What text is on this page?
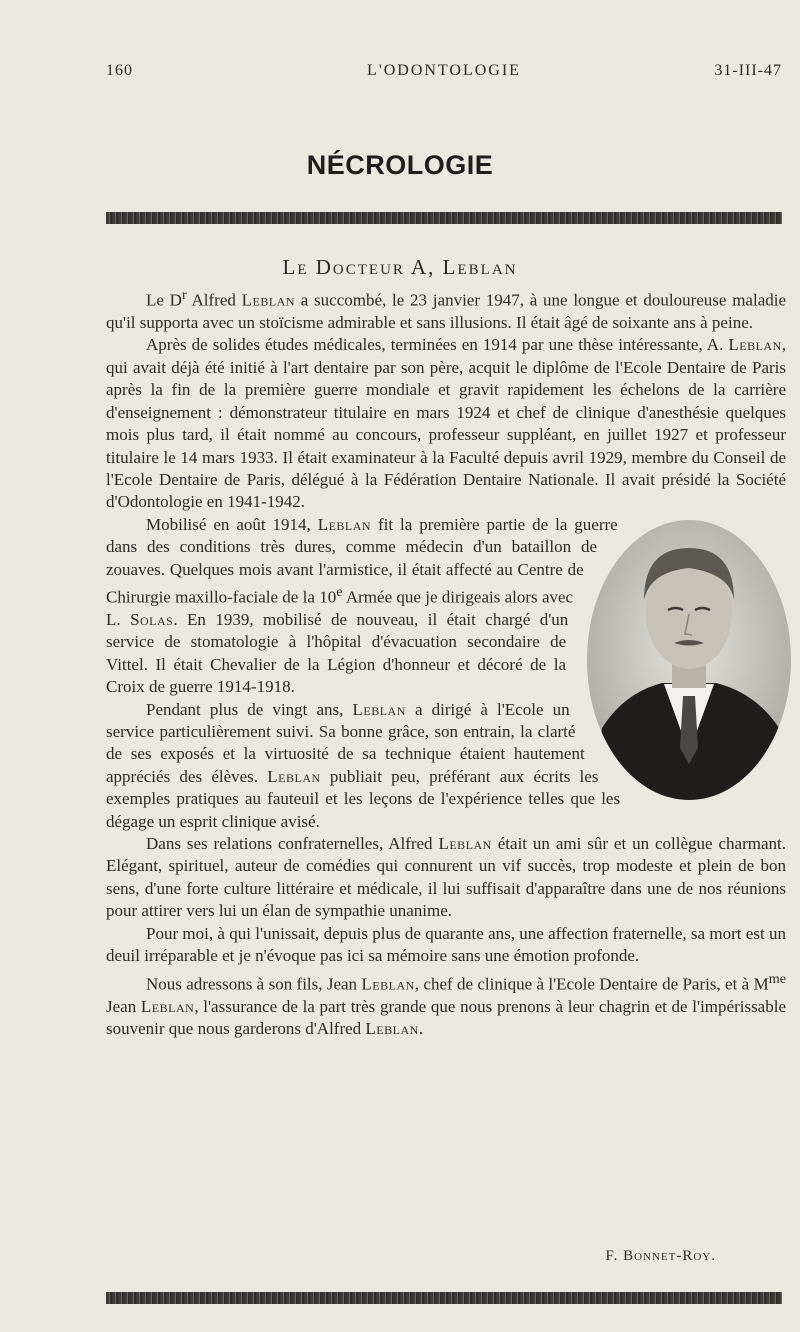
160	L'ODONTOLOGIE	31-III-47
NÉCROLOGIE
Le Docteur A, Leblan

Le $D^r$ Alfred Leblan a succombé, le 23 janvier 1947, à une longue et douloureuse maladie qu'il supporta avec un stoïcisme admirable et sans illusions. Il était âgé de soixante ans à peine.

Après de solides études médicales, terminées en 1914 par une thèse intéressante, A. Leblan, qui avait déjà été initié à l'art dentaire par son père, acquit le diplôme de l'Ecole Dentaire de Paris après la fin de la première guerre mondiale et gravit rapidement les échelons de la carrière d'enseignement : démonstrateur titulaire en mars 1924 et chef de clinique d'anesthésie quelques mois plus tard, il était nommé au concours, professeur suppléant, en juillet 1927 et professeur titulaire le 14 mars 1933. Il était examinateur à la Faculté depuis avril 1929, membre du Conseil de l'Ecole Dentaire de Paris, délégué à la Fédération Dentaire Nationale. Il avait présidé la Société d'Odontologie en 1941-1942.

Mobilisé en août 1914, Leblan fit la première partie de la guerre dans des conditions très dures, comme médecin d'un bataillon de zouaves. Quelques mois avant l'armistice, il était affecté au Centre de Chirurgie maxillo-faciale de la 10e Armée que je dirigeais alors avec L. Solas. En 1939, mobilisé de nouveau, il était chargé d'un service de stomatologie à l'hôpital d'évacuation secondaire de Vittel. Il était Chevalier de la Légion d'honneur et décoré de la Croix de guerre 1914-1918.

Pendant plus de vingt ans, Leblan a dirigé à l'Ecole un service particulièrement suivi. Sa bonne grâce, son entrain, la clarté de ses exposés et la virtuosité de sa technique étaient hautement appréciés des élèves. Leblan publiait peu, préférant aux écrits les exemples pratiques au fauteuil et les leçons de l'expérience telles que les dégage un esprit clinique avisé.

Dans ses relations confraternelles, Alfred Leblan était un ami sûr et un collègue charmant. Elégant, spirituel, auteur de comédies qui connurent un vif succès, trop modeste et plein de bon sens, d'une forte culture littéraire et médicale, il lui suffisait d'apparaître dans une de nos réunions pour attirer vers lui un élan de sympathie unanime.

Pour moi, à qui l'unissait, depuis plus de quarante ans, une affection fraternelle, sa mort est un deuil irréparable et je n'évoque pas ici sa mémoire sans une émotion profonde.

Nous adressons à son fils, Jean Leblan, chef de clinique à l'Ecole Dentaire de Paris, et à $M^{me}$ Jean Leblan, l'assurance de la part très grande que nous prenons à leur chagrin et de l'impérissable souvenir que nous garderons d'Alfred Leblan.

F. Bonnet-Roy.
